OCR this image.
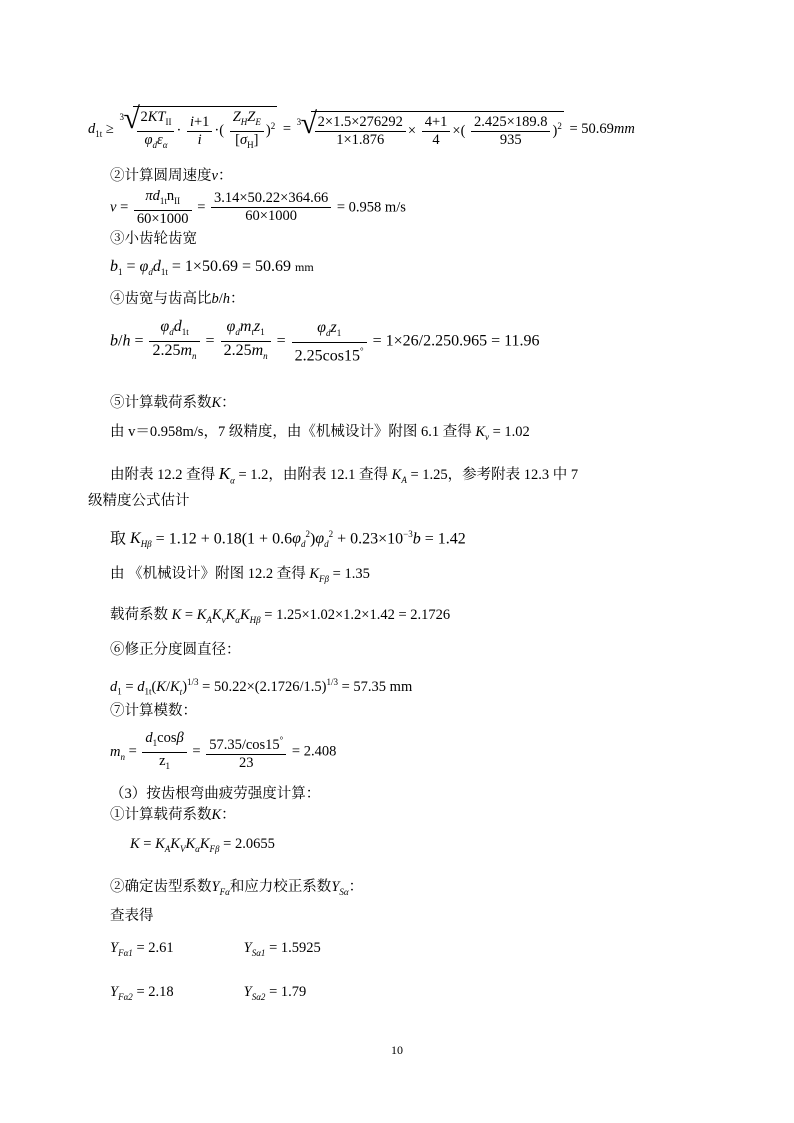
$d_{1t}$ ≥
3 √
$\frac{2KT_{II}}{\varphi_d\varepsilon_\alpha} \cdot \frac{i+1}{i}$ ·( $\frac{Z_HZ_E}{[\sigma_H]} )^2 = 3$ √
$\frac{2\times 1.5\times 276292}{1\times 1.876} \times \frac{4+1}{4}$ ×( $\frac{2.425\times 189.8}{935} )^2 = 50.69mm$
②计算圆周速度v：
$v = \frac{\pi d_{1t}n_{II}}{60\times 1000} = \frac{3.14\times 50.22\times 364.66}{60\times 1000} = 0.958$ m/s
③小齿轮齿宽
$b_1 = \varphi_dd_{1t} = 1\times 50.69 = 50.69$ mm
④齿宽与齿高比b/h：
$b/h = \frac{\varphi_dd_{1t}}{2.25m_n} = \frac{\varphi_dm_tz_1}{2.25m_n} = \frac{\varphi_dz_1}{2.25\cos 15^\circ} = 1\times 26/2.250.965 = 11.96$
⑤计算载荷系数K：
由 v＝0.958m/s，7 级精度，由《机械设计》附图 6.1 查得 $K_v = 1.02$
由附表 12.2 查得 $K_\alpha = 1.2$，由附表 12.1 查得 $K_A = 1.25$，参考附表 12.3 中 7
级精度公式估计
取 $K_{H\beta} = 1.12 + 0.18(1 + 0.6\varphi_d^2)\varphi_d^2 + 0.23\times 10^{-3}b = 1.42$
由 《机械设计》附图 12.2 查得 $K_{F\beta} = 1.35$
载荷系数 $K = K_AK_vK_\alpha K_{H\beta} = 1.25\times 1.02\times 1.2\times 1.42 = 2.1726$
⑥修正分度圆直径：
$d_1 = d_{1t}(K/K_t)^{1/3} = 50.22\times(2.1726/1.5)^{1/3} = 57.35$ mm
⑦计算模数：
$m_n = \frac{d_1\cos\beta}{z_1} = \frac{57.35/\cos 15^\circ}{23} = 2.408$
（3）按齿根弯曲疲劳强度计算：
①计算载荷系数K：
$K = K_AK_VK_\alpha K_{F\beta} = 2.0655$
②确定齿型系数$Y_{F\alpha}$和应力校正系数$Y_{S\alpha}$：
查表得
$Y_{F\alpha 1} = 2.61$	$Y_{S\alpha 1} = 1.5925$
$Y_{F\alpha 2} = 2.18$	$Y_{S\alpha 2} = 1.79$
10
